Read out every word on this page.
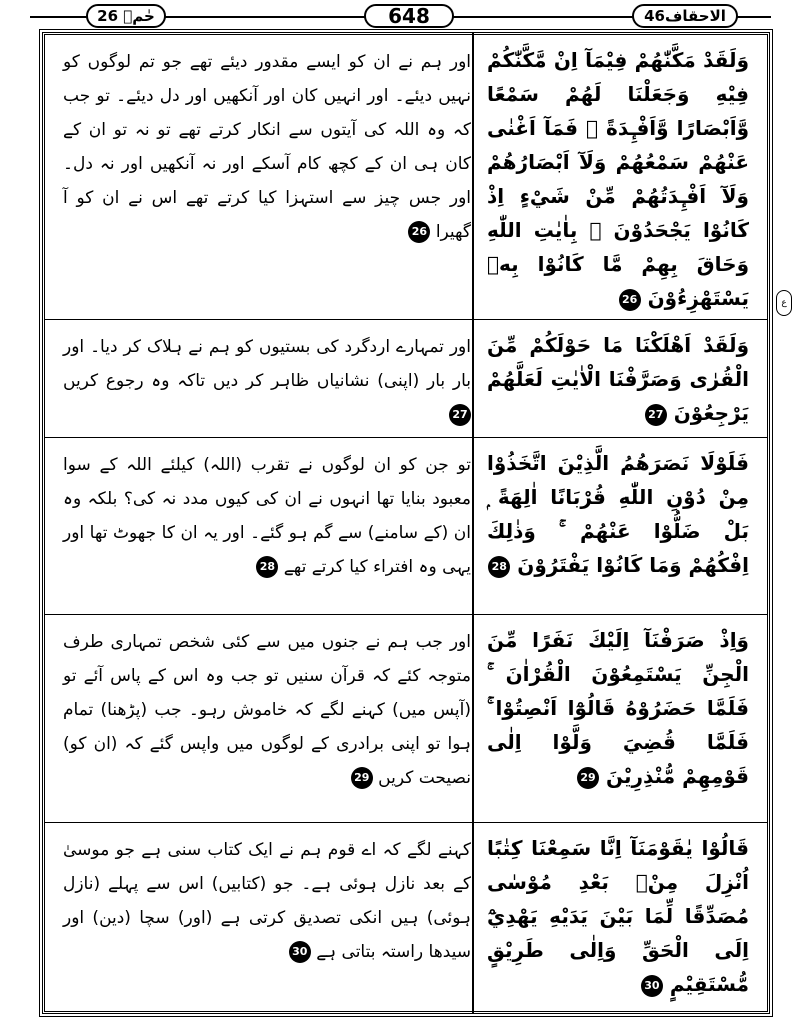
حٰمۗ 26	648	الاحقاف46
ع
وَلَقَدْ مَكَّنّٰهُمْ فِيْمَآ اِنْ مَّكَّنّٰكُمْ فِيْهِ وَجَعَلْنَا لَهُمْ سَمْعًا وَّاَبْصَارًا وَّاَفْـِٕدَةً ۖ فَمَآ اَغْنٰى عَنْهُمْ سَمْعُهُمْ وَلَآ اَبْصَارُهُمْ وَلَآ اَفْـِٕدَتُهُمْ مِّنْ شَيْءٍ اِذْ كَانُوْا يَجْحَدُوْنَ ۙ بِاٰيٰتِ اللّٰهِ وَحَاقَ بِهِمْ مَّا كَانُوْا بِهٖ يَسْتَهْزِءُوْنَ 26
اور ہم نے ان کو ایسے مقدور دیئے تھے جو تم لوگوں کو نہیں دیئے۔ اور انہیں کان اور آنکھیں اور دل دیئے۔ تو جب کہ وہ اللہ کی آیتوں سے انکار کرتے تھے تو نہ تو ان کے کان ہی ان کے کچھ کام آسکے اور نہ آنکھیں اور نہ دل۔ اور جس چیز سے استہزا کیا کرتے تھے اس نے ان کو آ گھیرا 26
وَلَقَدْ اَهْلَكْنَا مَا حَوْلَكُمْ مِّنَ الْقُرٰى وَصَرَّفْنَا الْاٰيٰتِ لَعَلَّهُمْ يَرْجِعُوْنَ 27
اور تمہارے اردگرد کی بستیوں کو ہم نے ہلاک کر دیا۔ اور بار بار (اپنی) نشانیاں ظاہر کر دیں تاکہ وہ رجوع کریں 27
فَلَوْلَا نَصَرَهُمُ الَّذِيْنَ اتَّخَذُوْا مِنْ دُوْنِ اللّٰهِ قُرْبَانًا اٰلِهَةً ۭ بَلْ ضَلُّوْا عَنْهُمْ ۚ وَذٰلِكَ اِفْكُهُمْ وَمَا كَانُوْا يَفْتَرُوْنَ 28
تو جن کو ان لوگوں نے تقرب (اللہ) کیلئے اللہ کے سوا معبود بنایا تھا انہوں نے ان کی کیوں مدد نہ کی؟ بلکہ وہ ان (کے سامنے) سے گم ہو گئے۔ اور یہ ان کا جھوٹ تھا اور یہی وہ افتراء کیا کرتے تھے 28
وَاِذْ صَرَفْنَآ اِلَيْكَ نَفَرًا مِّنَ الْجِنِّ يَسْتَمِعُوْنَ الْقُرْاٰنَ ۚ فَلَمَّا حَضَرُوْهُ قَالُوْٓا اَنْصِتُوْا ۚ فَلَمَّا قُضِيَ وَلَّوْا اِلٰى قَوْمِهِمْ مُّنْذِرِيْنَ 29
اور جب ہم نے جنوں میں سے کئی شخص تمہاری طرف متوجہ کئے کہ قرآن سنیں تو جب وہ اس کے پاس آئے تو (آپس میں) کہنے لگے کہ خاموش رہو۔ جب (پڑھنا) تمام ہوا تو اپنی برادری کے لوگوں میں واپس گئے کہ (ان کو) نصیحت کریں 29
قَالُوْا يٰقَوْمَنَآ اِنَّا سَمِعْنَا كِتٰبًا اُنْزِلَ مِنْۢ بَعْدِ مُوْسٰى مُصَدِّقًا لِّمَا بَيْنَ يَدَيْهِ يَهْدِيْٓ اِلَى الْحَقِّ وَاِلٰى طَرِيْقٍ مُّسْتَقِيْمٍ 30
کہنے لگے کہ اے قوم ہم نے ایک کتاب سنی ہے جو موسیٰ کے بعد نازل ہوئی ہے۔ جو (کتابیں) اس سے پہلے (نازل ہوئی) ہیں انکی تصدیق کرتی ہے (اور) سچا (دین) اور سیدھا راستہ بتاتی ہے 30
